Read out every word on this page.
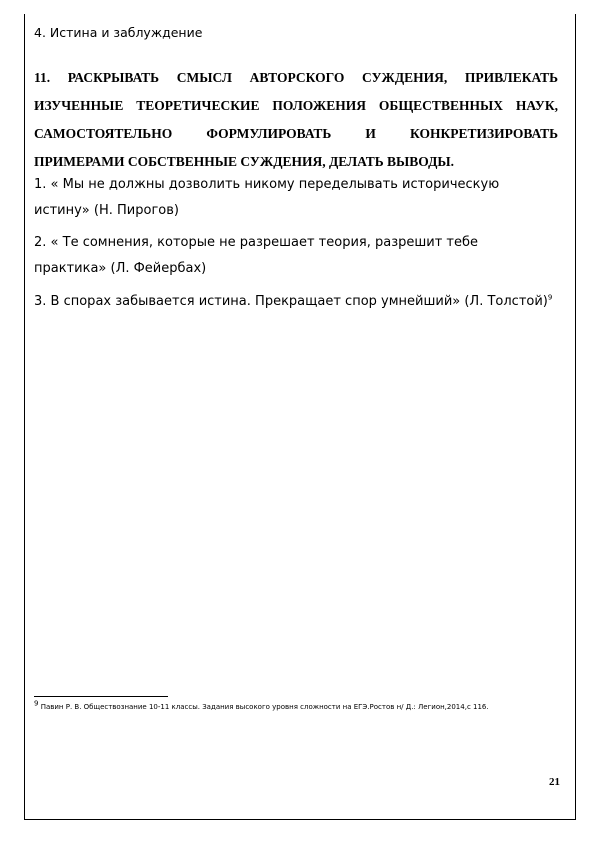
4. Истина и заблуждение
11. РАСКРЫВАТЬ СМЫСЛ АВТОРСКОГО СУЖДЕНИЯ, ПРИВЛЕКАТЬ ИЗУЧЕННЫЕ ТЕОРЕТИЧЕСКИЕ ПОЛОЖЕНИЯ ОБЩЕСТВЕННЫХ НАУК, САМОСТОЯТЕЛЬНО ФОРМУЛИРОВАТЬ И КОНКРЕТИЗИРОВАТЬ ПРИМЕРАМИ СОБСТВЕННЫЕ СУЖДЕНИЯ, ДЕЛАТЬ ВЫВОДЫ.
1. « Мы не должны дозволить никому переделывать историческую истину» (Н. Пирогов)
2. « Те сомнения, которые не разрешает теория, разрешит тебе практика» (Л. Фейербах)
3. В спорах забывается истина. Прекращает спор умнейший» (Л. Толстой)$^9$
$^9$ Павин Р. В. Обществознание 10-11 классы. Задания высокого уровня сложности на ЕГЭ.Ростов н/ Д.: Легион,2014,с 116.
21
